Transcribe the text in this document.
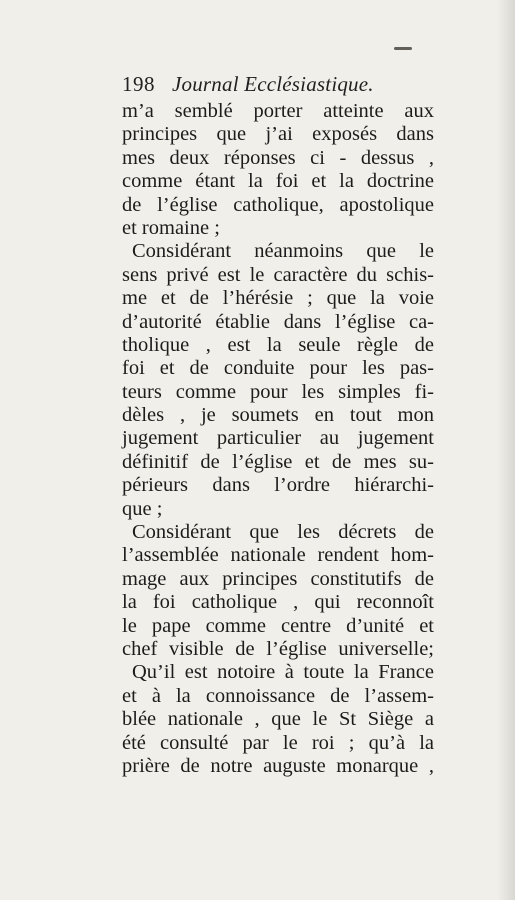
198 Journal Ecclésiastique.
m’a semblé porter atteinte aux
principes que j’ai exposés dans
mes deux réponses ci - dessus ,
comme étant la foi et la doctrine
de l’église catholique, apostolique
et romaine ;
Considérant néanmoins que le
sens privé est le caractère du schis-
me et de l’hérésie ; que la voie
d’autorité établie dans l’église ca-
tholique , est la seule règle de
foi et de conduite pour les pas-
teurs comme pour les simples fi-
dèles , je soumets en tout mon
jugement particulier au jugement
définitif de l’église et de mes su-
périeurs dans l’ordre hiérarchi-
que ;
Considérant que les décrets de
l’assemblée nationale rendent hom-
mage aux principes constitutifs de
la foi catholique , qui reconnoît
le pape comme centre d’unité et
chef visible de l’église universelle;
Qu’il est notoire à toute la France
et à la connoissance de l’assem-
blée nationale , que le St Siège a
été consulté par le roi ; qu’à la
prière de notre auguste monarque ,
